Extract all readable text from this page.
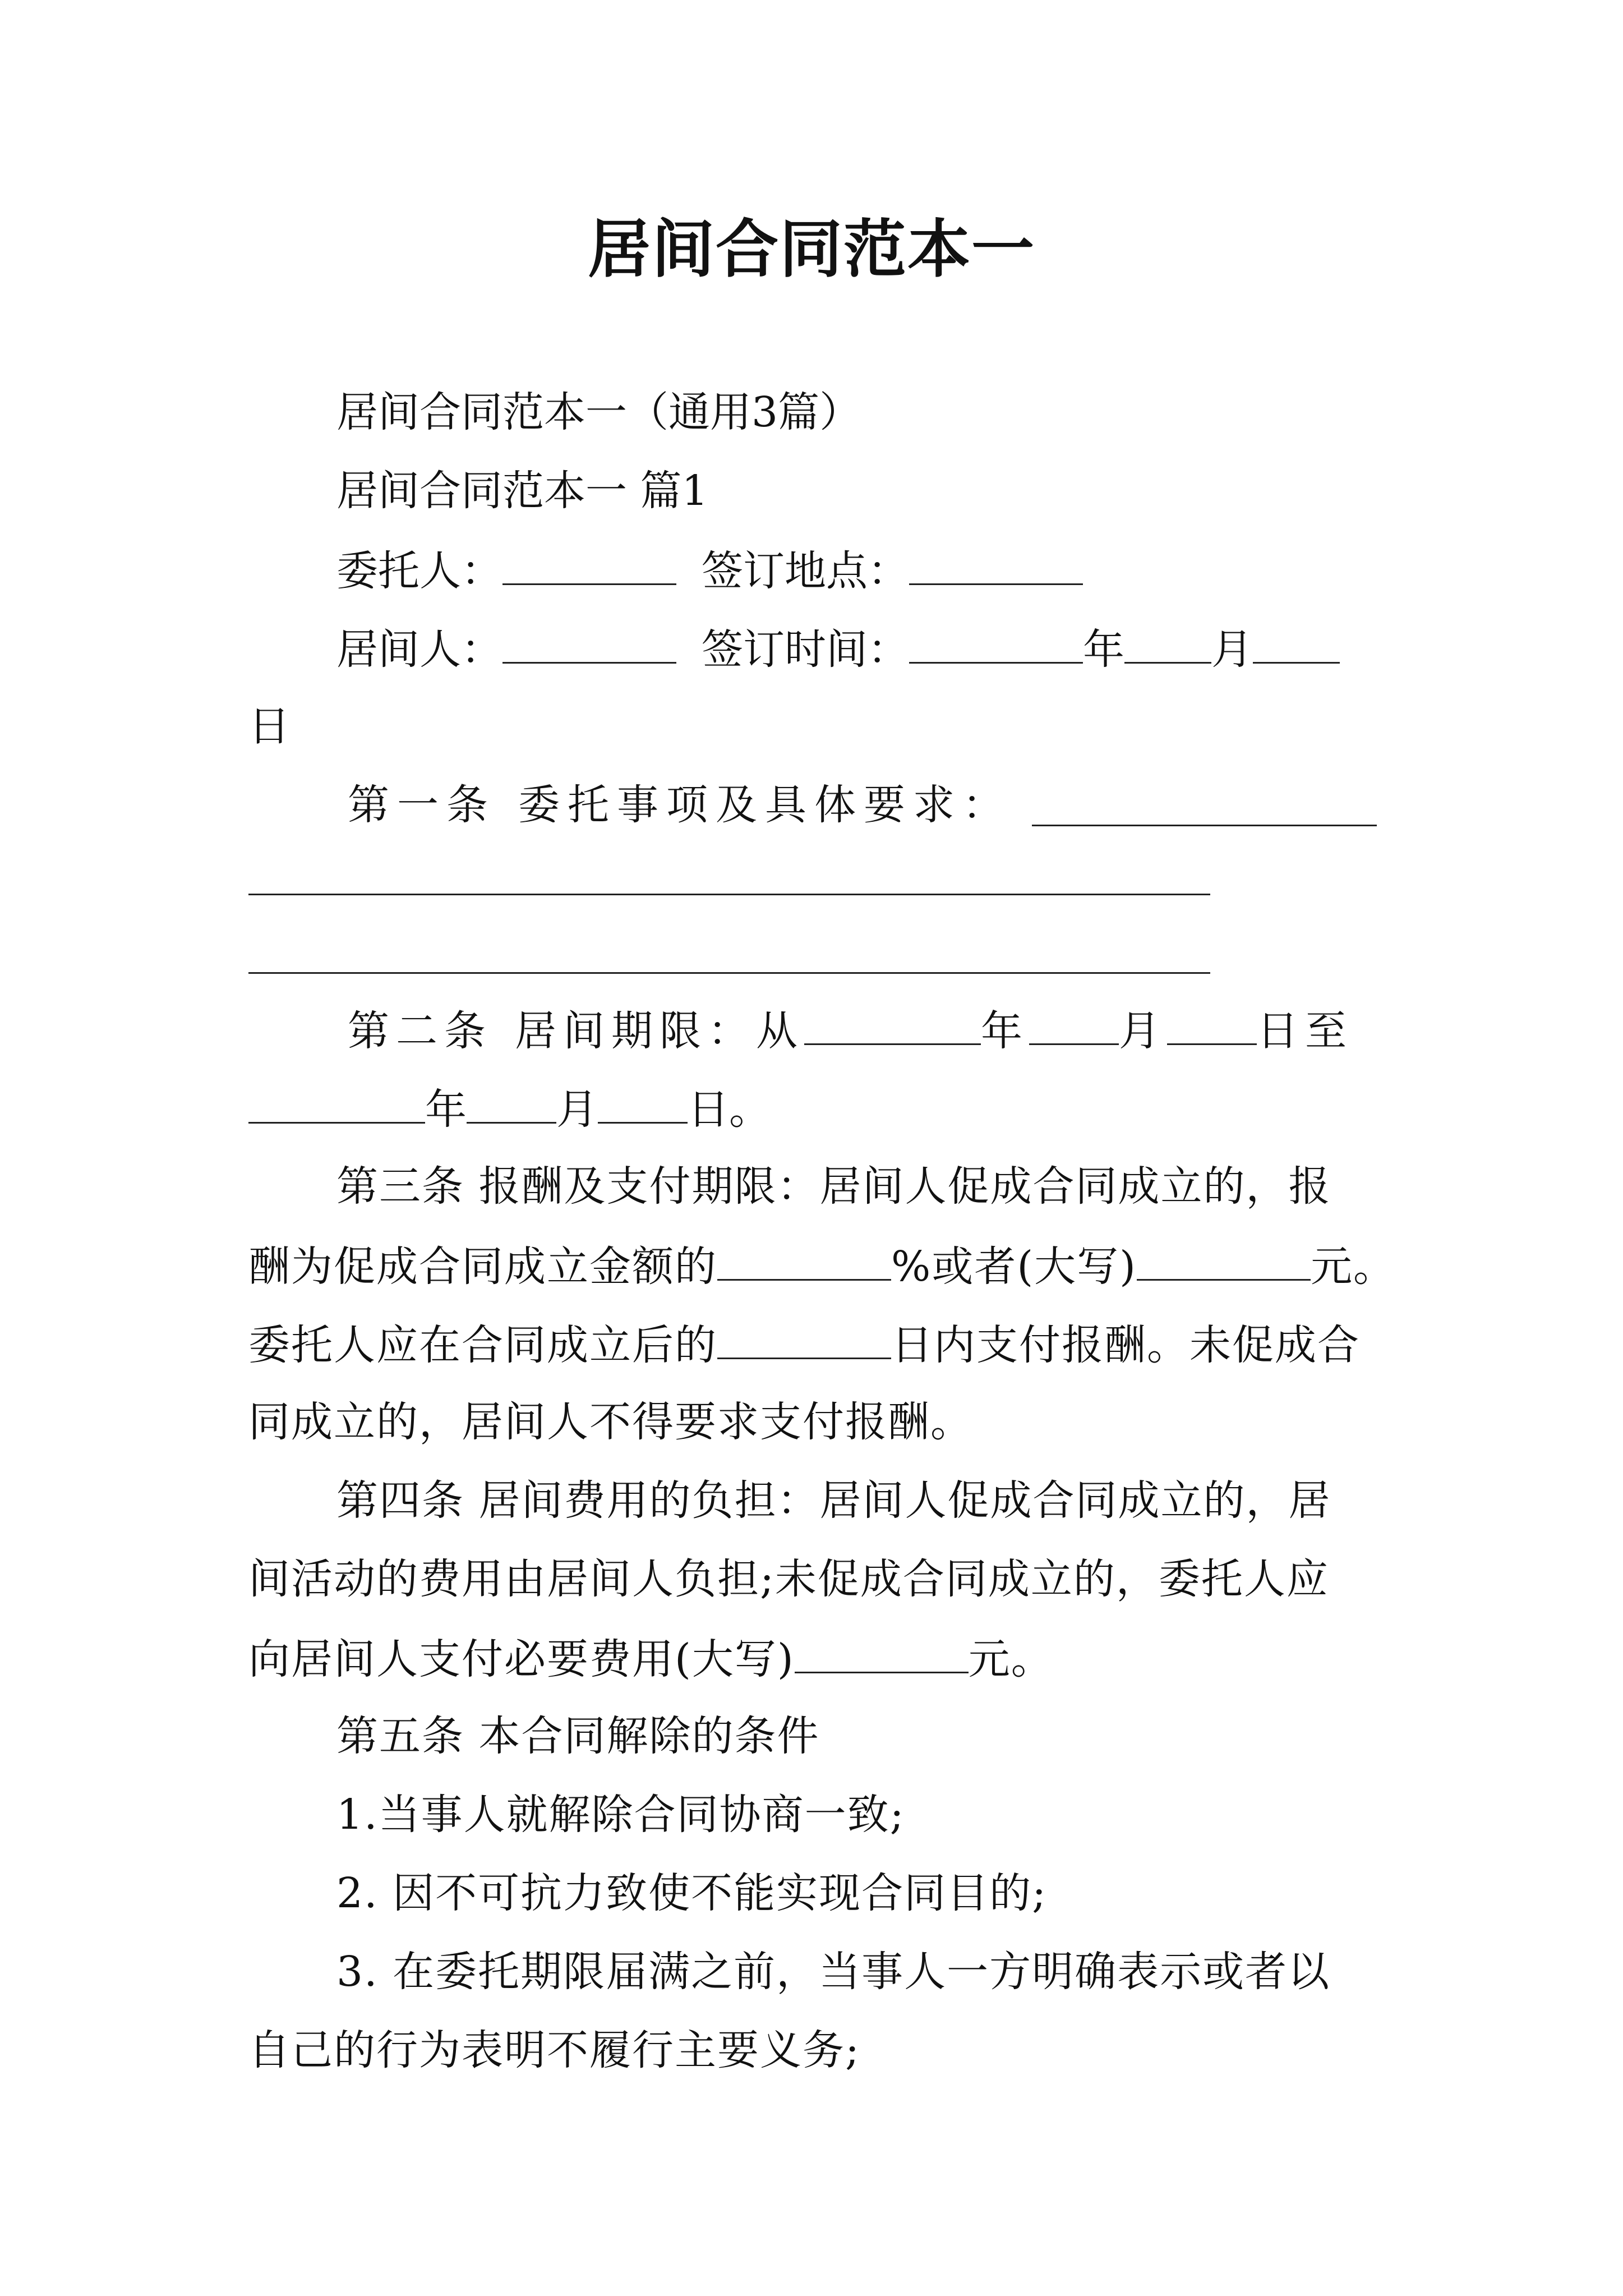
居间合同范本一
居间合同范本一（通用3篇）
居间合同范本一 篇1
委托人：	签订地点：
居间人：	签订时间：	年 月
日
第一条 委托事项及具体要求：
第二条 居间期限：从	年 月 日至
年 月 日。
第三条 报酬及支付期限：居间人促成合同成立的，报
酬为促成合同成立金额的	%或者(大写)	元。
委托人应在合同成立后的	日内支付报酬。未促成合
同成立的，居间人不得要求支付报酬。
第四条 居间费用的负担：居间人促成合同成立的，居
间活动的费用由居间人负担;未促成合同成立的，委托人应
向居间人支付必要费用(大写)	元。
第五条 本合同解除的条件
1.当事人就解除合同协商一致;
2. 因不可抗力致使不能实现合同目的;
3. 在委托期限届满之前，当事人一方明确表示或者以
自己的行为表明不履行主要义务;
